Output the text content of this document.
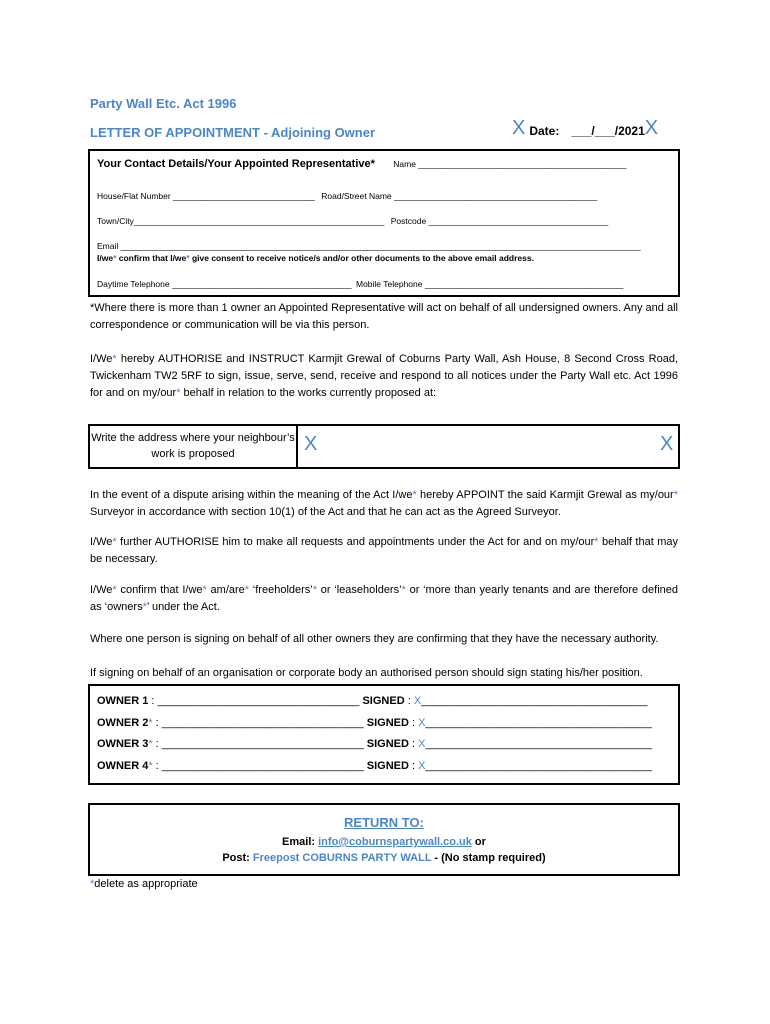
Party Wall Etc. Act 1996
LETTER OF APPOINTMENT - Adjoining Owner	X Date: ___/___/2021 X
Your Contact Details/Your Appointed Representative* Name ____________________________________________
House/Flat Number ______________________________ Road/Street Name ___________________________________________
Town/City_____________________________________________________ Postcode ______________________________________
Email ______________________________________________________________________________________________________________
I/we* confirm that I/we* give consent to receive notice/s and/or other documents to the above email address.
Daytime Telephone ______________________________________ Mobile Telephone __________________________________________
*Where there is more than 1 owner an Appointed Representative will act on behalf of all undersigned owners. Any and all correspondence or communication will be via this person.
I/We* hereby AUTHORISE and INSTRUCT Karmjit Grewal of Coburns Party Wall, Ash House, 8 Second Cross Road, Twickenham TW2 5RF to sign, issue, serve, send, receive and respond to all notices under the Party Wall etc. Act 1996 for and on my/our* behalf in relation to the works currently proposed at:
Write the address where your neighbour’s work is proposed	X	X
In the event of a dispute arising within the meaning of the Act I/we* hereby APPOINT the said Karmjit Grewal as my/our* Surveyor in accordance with section 10(1) of the Act and that he can act as the Agreed Surveyor.
I/We* further AUTHORISE him to make all requests and appointments under the Act for and on my/our* behalf that may be necessary.
I/We* confirm that I/we* am/are* ‘freeholders’* or ‘leaseholders’* or ‘more than yearly tenants and are therefore defined as ‘owners*’ under the Act.
Where one person is signing on behalf of all other owners they are confirming that they have the necessary authority.
If signing on behalf of an organisation or corporate body an authorised person should sign stating his/her position.
OWNER 1 : _________________________________ SIGNED : X_____________________________________
OWNER 2* : _________________________________ SIGNED : X_____________________________________
OWNER 3* : _________________________________ SIGNED : X_____________________________________
OWNER 4* : _________________________________ SIGNED : X_____________________________________
RETURN TO:
Email: info@coburnspartywall.co.uk or
Post: Freepost COBURNS PARTY WALL - (No stamp required)
*delete as appropriate
